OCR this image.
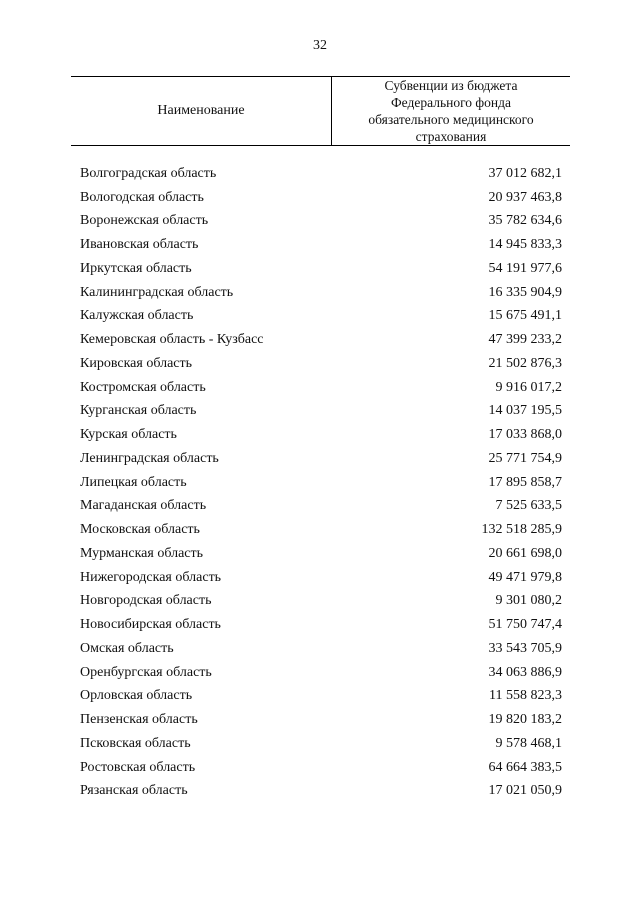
32
Наименование
Субвенции из бюджета
Федерального фонда
обязательного медицинского
страхования
Волгоградская область	37 012 682,1
Вологодская область	20 937 463,8
Воронежская область	35 782 634,6
Ивановская область	14 945 833,3
Иркутская область	54 191 977,6
Калининградская область	16 335 904,9
Калужская область	15 675 491,1
Кемеровская область - Кузбасс	47 399 233,2
Кировская область	21 502 876,3
Костромская область	9 916 017,2
Курганская область	14 037 195,5
Курская область	17 033 868,0
Ленинградская область	25 771 754,9
Липецкая область	17 895 858,7
Магаданская область	7 525 633,5
Московская область	132 518 285,9
Мурманская область	20 661 698,0
Нижегородская область	49 471 979,8
Новгородская область	9 301 080,2
Новосибирская область	51 750 747,4
Омская область	33 543 705,9
Оренбургская область	34 063 886,9
Орловская область	11 558 823,3
Пензенская область	19 820 183,2
Псковская область	9 578 468,1
Ростовская область	64 664 383,5
Рязанская область	17 021 050,9
